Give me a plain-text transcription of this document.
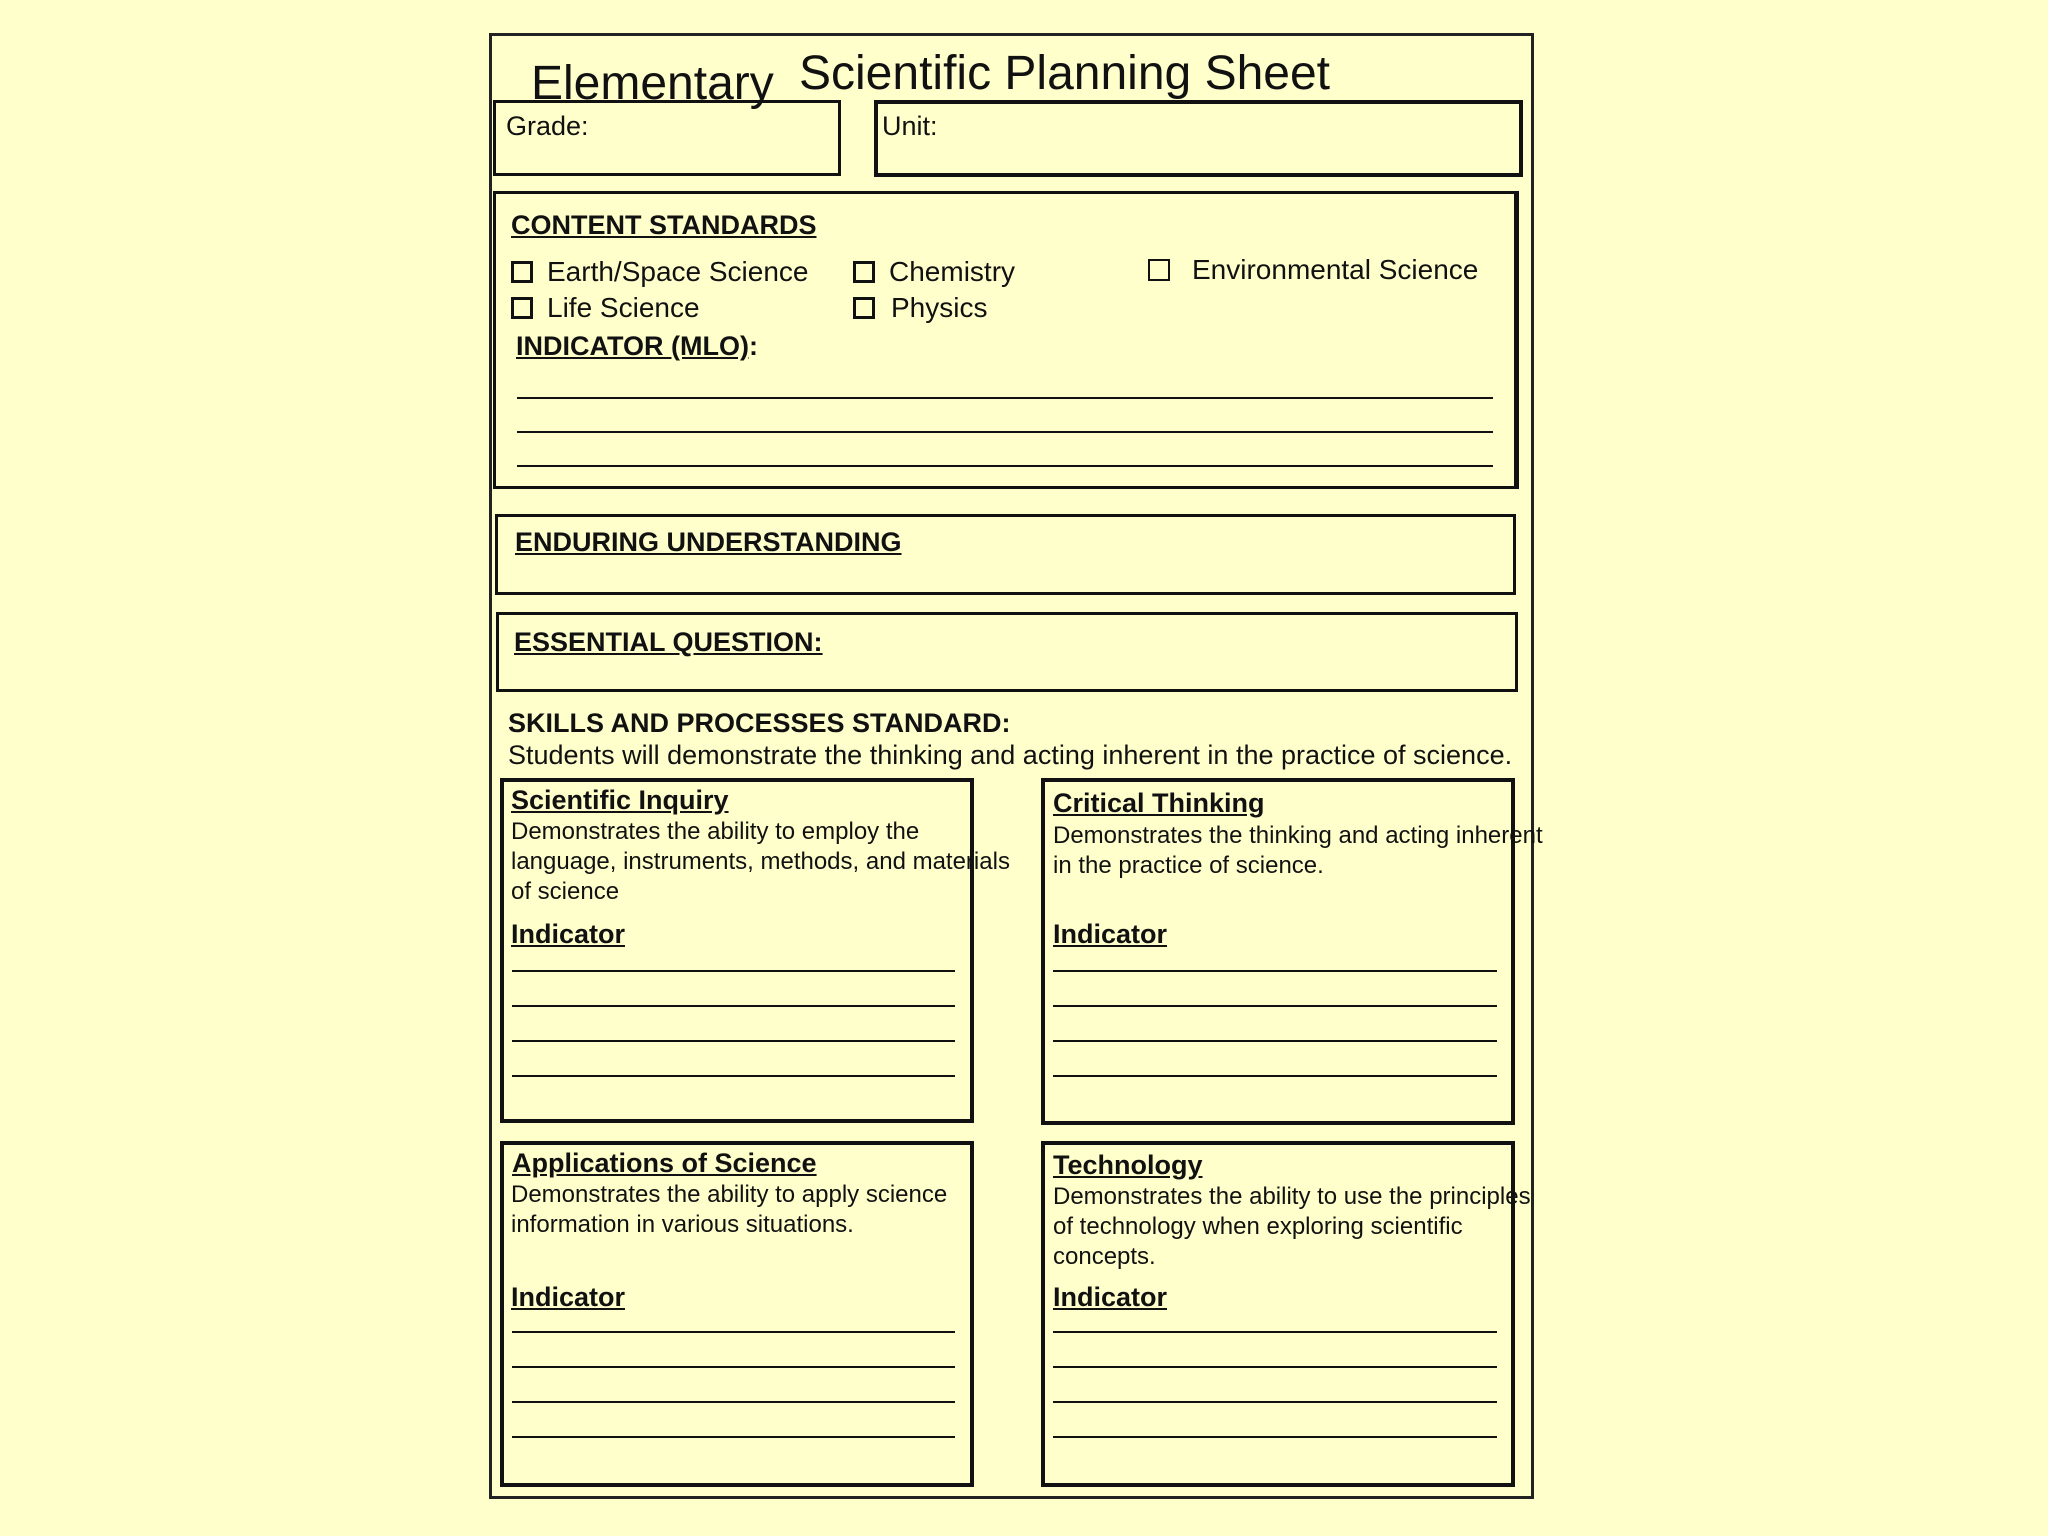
Elementary Scientific Planning Sheet
Grade:	Unit:
CONTENT STANDARDS
Earth/Space Science	Chemistry	Environmental Science
Life Science	Physics
INDICATOR (MLO):
ENDURING UNDERSTANDING
ESSENTIAL QUESTION:
SKILLS AND PROCESSES STANDARD:
Students will demonstrate the thinking and acting inherent in the practice of science.
Scientific Inquiry
Demonstrates the ability to employ the
language, instruments, methods, and materials
of science
Indicator
Critical Thinking
Demonstrates the thinking and acting inherent
in the practice of science.
Indicator
Applications of Science
Demonstrates the ability to apply science
information in various situations.
Indicator
Technology
Demonstrates the ability to use the principles
of technology when exploring scientific
concepts.
Indicator
